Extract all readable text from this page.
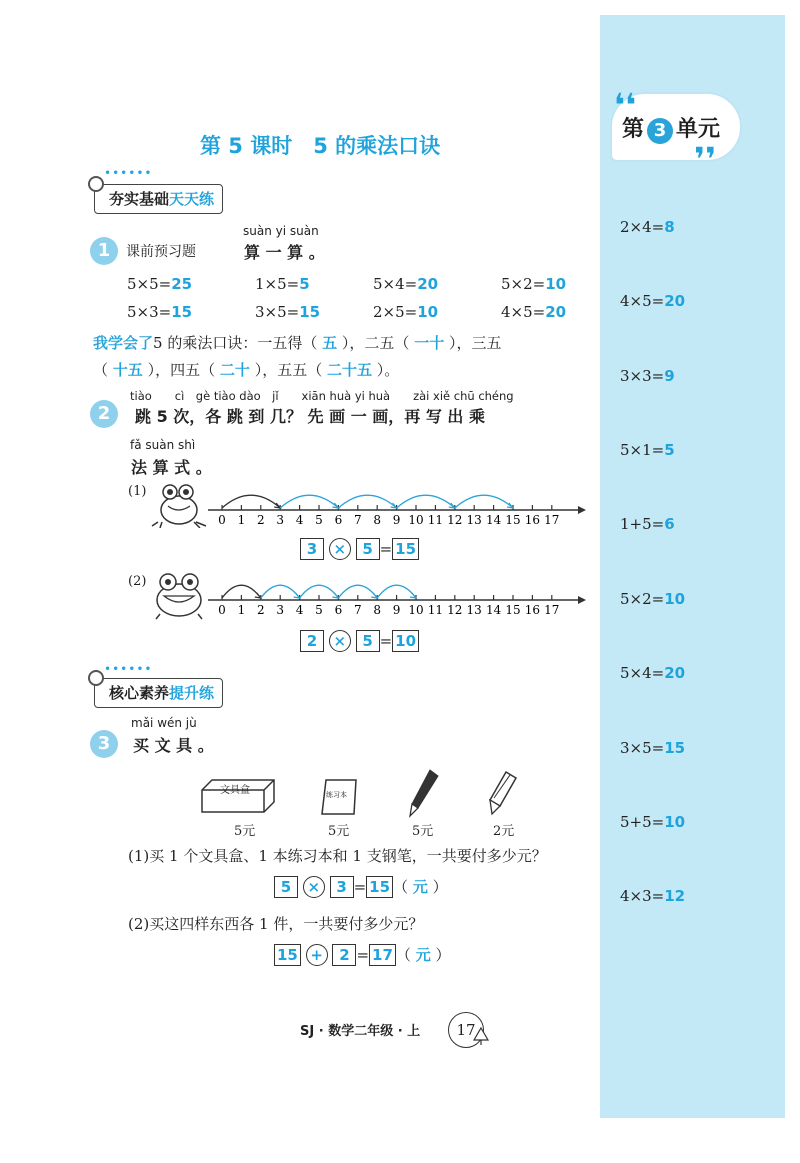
❛❛
❜❜
第 3 单元
2×4=8
4×5=20
3×3=9
5×1=5
1+5=6
5×2=10
5×4=20
3×5=15
5+5=10
4×3=12
第 5 课时　5 的乘法口诀
••••••
夯实基础天天练
1	课前预习题
suàn yi suàn
算 一 算 。
5×5=25	1×5=5	5×4=20	5×2=10
5×3=15	3×5=15	2×5=10	4×5=20
我学会了5 的乘法口诀：一五得（ 五 ），二五（ 一十 ），三五
（ 十五 ），四五（ 二十 ），五五（ 二十五 ）。
2
tiào　　cì　gè tiào dào　jǐ　　xiān huà yi huà　　zài xiě chū chéng
跳 5 次，各 跳 到 几？ 先 画 一 画，再 写 出 乘
fǎ suàn shì
法 算 式 。
(1)
(2)
0 1 2 3 4 5 6 7 8 9 10 11 12 13 14 15 16 17
0 1 2 3 4 5 6 7 8 9 10 11 12 13 14 15 16 17
3 × 5 = 15
2 × 5 = 10
••••••
核心素养提升练
3
mǎi wén jù
买 文 具 。
文具盒	练习本
5元	5元	5元	2元
(1)买 1 个文具盒、1 本练习本和 1 支钢笔，一共要付多少元？
5 × 3 = 15 （ 元 ）
(2)买这四样东西各 1 件，一共要付多少元？
15 + 2 = 17 （ 元 ）
SJ · 数学二年级 · 上	17
